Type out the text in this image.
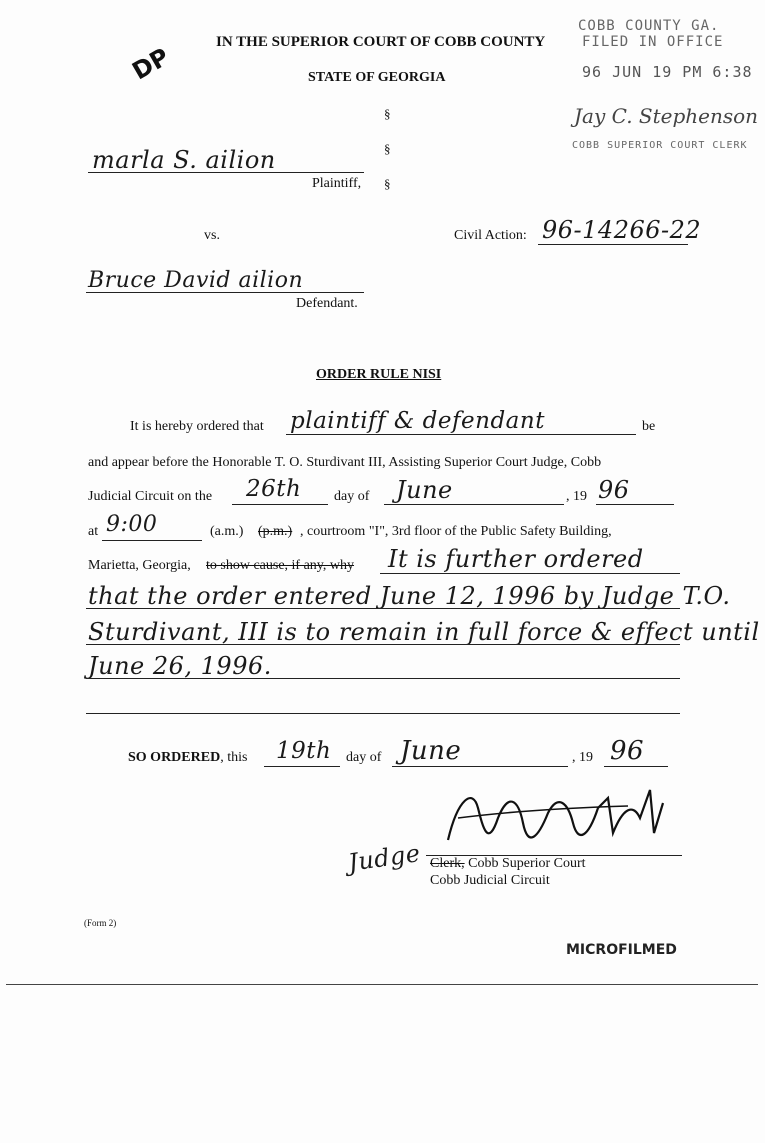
DP
IN THE SUPERIOR COURT OF COBB COUNTY
STATE OF GEORGIA
COBB COUNTY GA.
FILED IN OFFICE
96 JUN 19 PM 6:38
Jay C. Stephenson
COBB SUPERIOR COURT CLERK
§
§
§
marla S. ailion
Plaintiff,
vs.	Civil Action: 96-14266-22
Bruce David ailion
Defendant.
ORDER RULE NISI
It is hereby ordered that plaintiff & defendant	be
and appear before the Honorable T. O. Sturdivant III, Assisting Superior Court Judge, Cobb
Judicial Circuit on the 26th day of June	, 19 96
at 9:00	(a.m.) (p.m.) , courtroom "I", 3rd floor of the Public Safety Building,
Marietta, Georgia, to show cause, if any, why It is further ordered
that the order entered June 12, 1996 by Judge T.O.
Sturdivant, III is to remain in full force & effect until
June 26, 1996.
SO ORDERED, this 19th day of June	, 19 96
Judge Clerk, Cobb Superior Court
Cobb Judicial Circuit
(Form 2)
MICROFILMED
